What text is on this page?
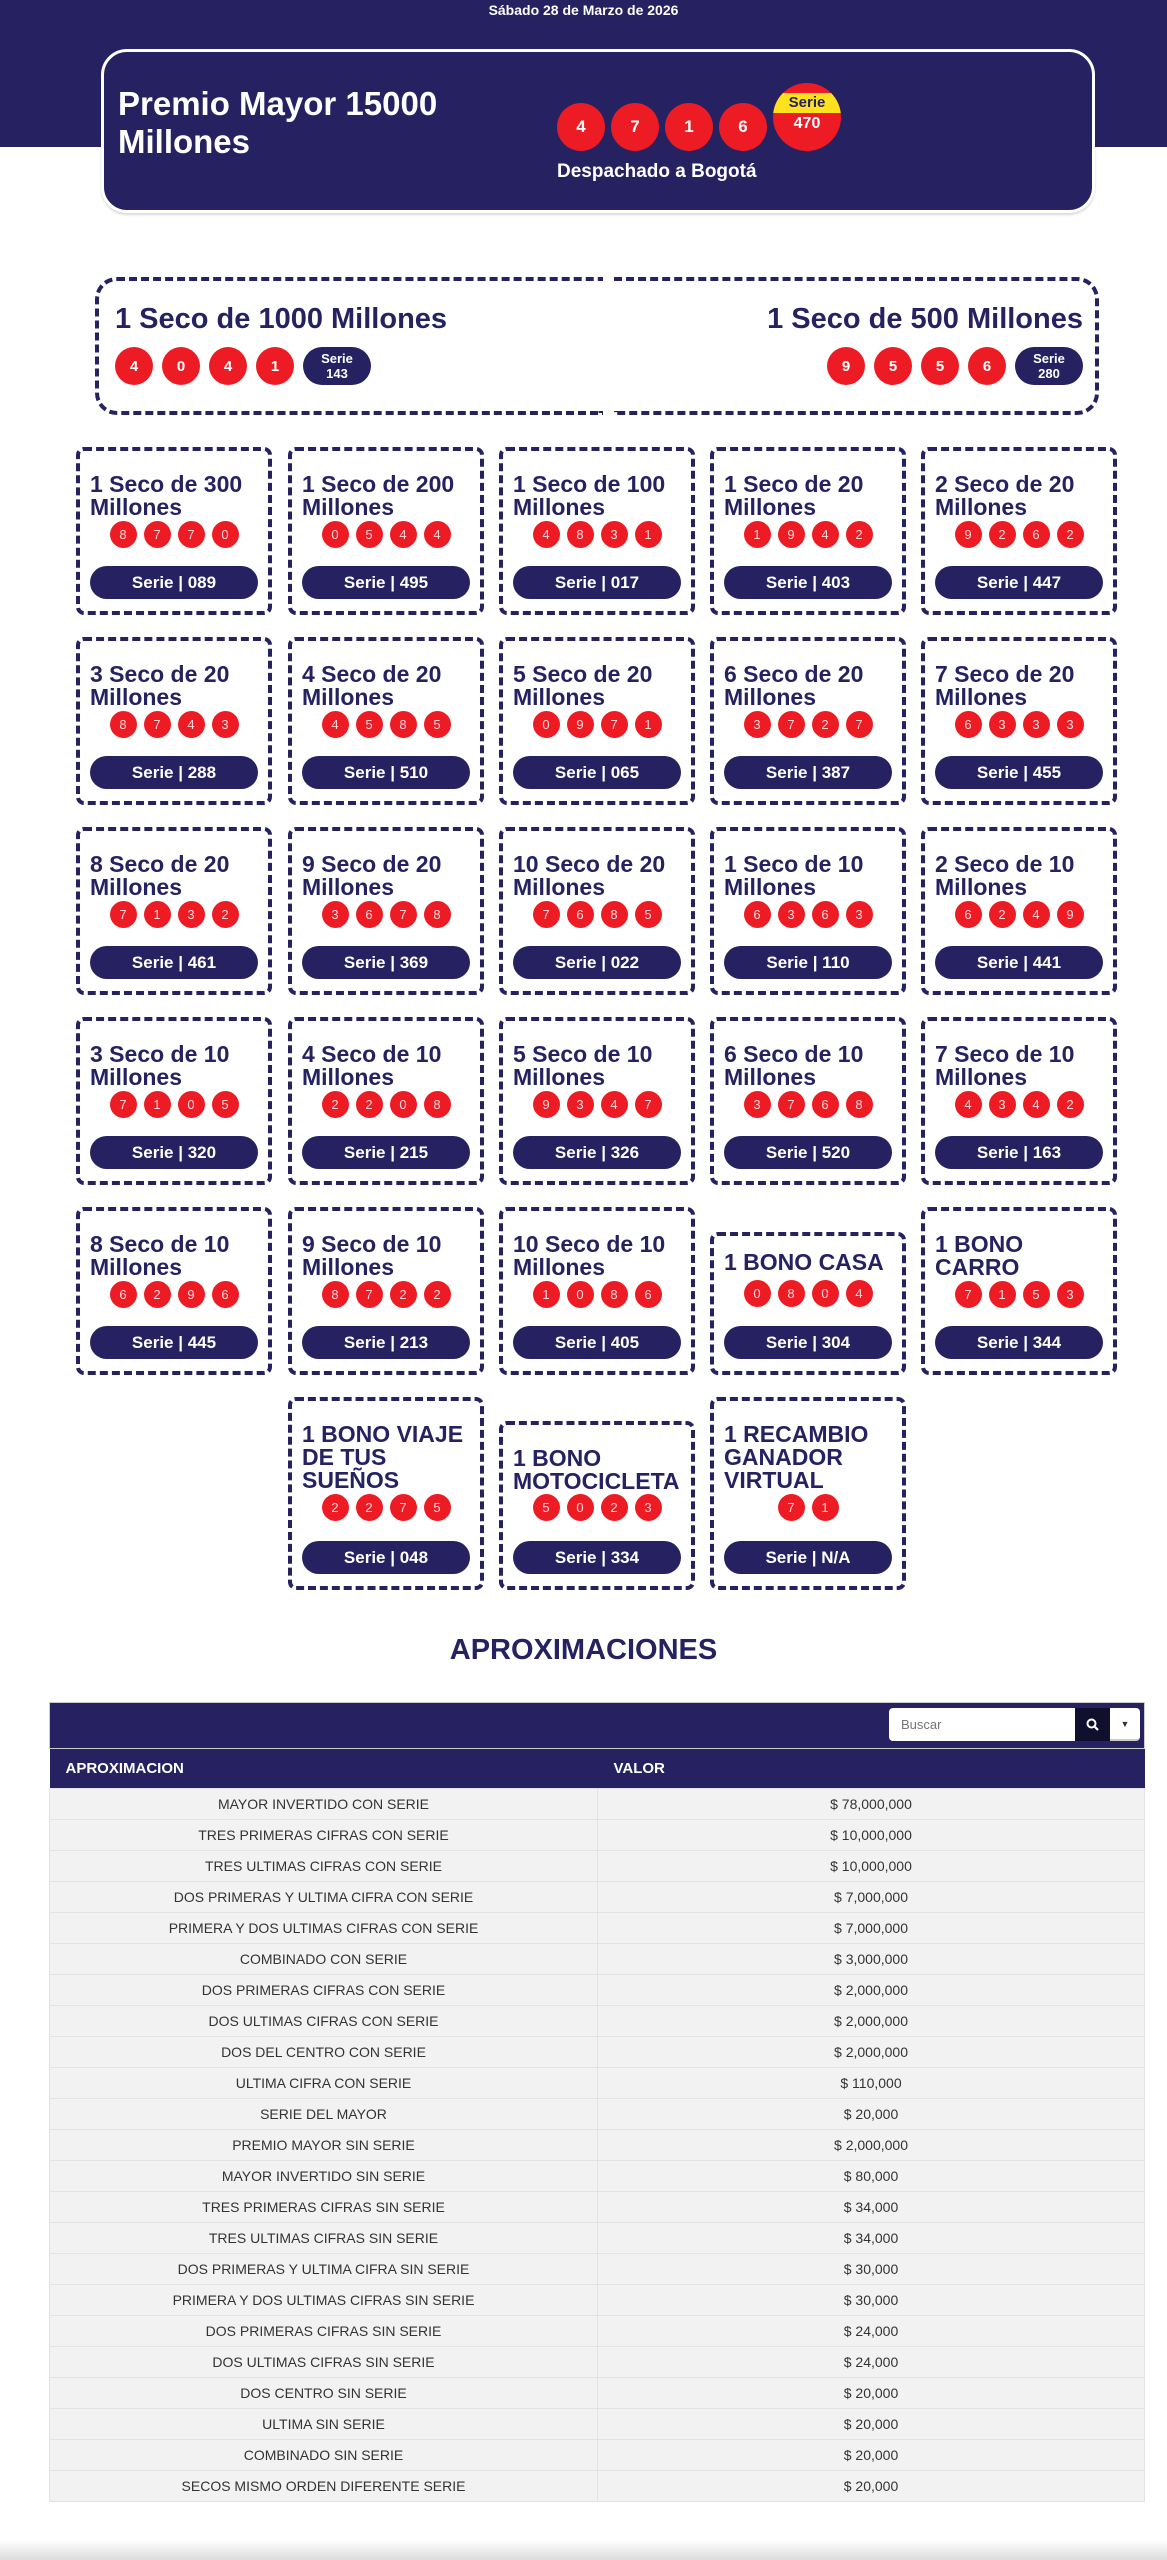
Sábado 28 de Marzo de 2026
Premio Mayor 15000 Millones	4	7	1	6
Serie
470
Despachado a Bogotá
1 Seco de 1000 Millones
4	0	4	1	Serie
143
1 Seco de 500 Millones
9	5	5	6	Serie
280
1 Seco de 300 Millones
8	7	7	0
Serie | 089
1 Seco de 200 Millones
0	5	4	4
Serie | 495
1 Seco de 100 Millones
4	8	3	1
Serie | 017
1 Seco de 20 Millones
1	9	4	2
Serie | 403
2 Seco de 20 Millones
9	2	6	2
Serie | 447
3 Seco de 20 Millones
8	7	4	3
Serie | 288
4 Seco de 20 Millones
4	5	8	5
Serie | 510
5 Seco de 20 Millones
0	9	7	1
Serie | 065
6 Seco de 20 Millones
3	7	2	7
Serie | 387
7 Seco de 20 Millones
6	3	3	3
Serie | 455
8 Seco de 20 Millones
7	1	3	2
Serie | 461
9 Seco de 20 Millones
3	6	7	8
Serie | 369
10 Seco de 20 Millones
7	6	8	5
Serie | 022
1 Seco de 10 Millones
6	3	6	3
Serie | 110
2 Seco de 10 Millones
6	2	4	9
Serie | 441
3 Seco de 10 Millones
7	1	0	5
Serie | 320
4 Seco de 10 Millones
2	2	0	8
Serie | 215
5 Seco de 10 Millones
9	3	4	7
Serie | 326
6 Seco de 10 Millones
3	7	6	8
Serie | 520
7 Seco de 10 Millones
4	3	4	2
Serie | 163
8 Seco de 10 Millones
6	2	9	6
Serie | 445
9 Seco de 10 Millones
8	7	2	2
Serie | 213
10 Seco de 10 Millones
1	0	8	6
Serie | 405
1 BONO CASA
0	8	0	4
Serie | 304
1 BONO CARRO
7	1	5	3
Serie | 344
1 BONO VIAJE DE TUS SUEÑOS
2	2	7	5
Serie | 048
1 BONO MOTOCICLETA
5	0	2	3
Serie | 334
1 RECAMBIO GANADOR VIRTUAL
7	1
Serie | N/A
APROXIMACIONES
Buscar
▼
APROXIMACION	VALOR
MAYOR INVERTIDO CON SERIE	$ 78,000,000
TRES PRIMERAS CIFRAS CON SERIE	$ 10,000,000
TRES ULTIMAS CIFRAS CON SERIE	$ 10,000,000
DOS PRIMERAS Y ULTIMA CIFRA CON SERIE	$ 7,000,000
PRIMERA Y DOS ULTIMAS CIFRAS CON SERIE	$ 7,000,000
COMBINADO CON SERIE	$ 3,000,000
DOS PRIMERAS CIFRAS CON SERIE	$ 2,000,000
DOS ULTIMAS CIFRAS CON SERIE	$ 2,000,000
DOS DEL CENTRO CON SERIE	$ 2,000,000
ULTIMA CIFRA CON SERIE	$ 110,000
SERIE DEL MAYOR	$ 20,000
PREMIO MAYOR SIN SERIE	$ 2,000,000
MAYOR INVERTIDO SIN SERIE	$ 80,000
TRES PRIMERAS CIFRAS SIN SERIE	$ 34,000
TRES ULTIMAS CIFRAS SIN SERIE	$ 34,000
DOS PRIMERAS Y ULTIMA CIFRA SIN SERIE	$ 30,000
PRIMERA Y DOS ULTIMAS CIFRAS SIN SERIE	$ 30,000
DOS PRIMERAS CIFRAS SIN SERIE	$ 24,000
DOS ULTIMAS CIFRAS SIN SERIE	$ 24,000
DOS CENTRO SIN SERIE	$ 20,000
ULTIMA SIN SERIE	$ 20,000
COMBINADO SIN SERIE	$ 20,000
SECOS MISMO ORDEN DIFERENTE SERIE	$ 20,000
